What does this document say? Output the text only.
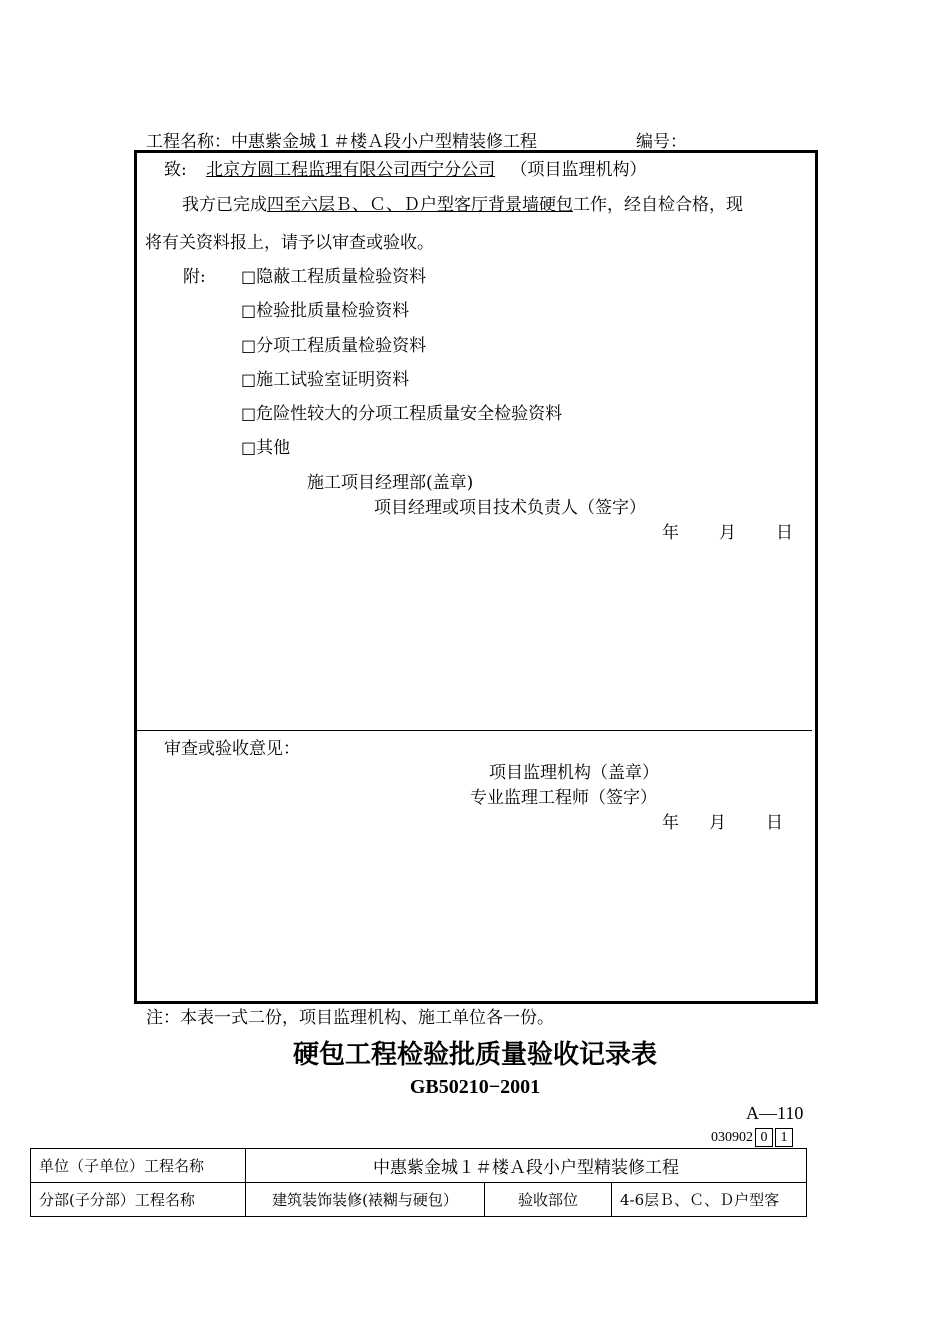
工程名称：中惠紫金城１＃楼Ａ段小户型精装修工程	编号：
致: 北京方圆工程监理有限公司西宁分公司 （项目监理机构）
我方已完成四至六层Ｂ、Ｃ、Ｄ户型客厅背景墙硬包工作，经自检合格，现
将有关资料报上，请予以审查或验收。
附: □隐蔽工程质量检验资料
□检验批质量检验资料
□分项工程质量检验资料
□施工试验室证明资料
□危险性较大的分项工程质量安全检验资料
□其他
施工项目经理部(盖章)
项目经理或项目技术负责人（签字）
年 月 日
审查或验收意见：
项目监理机构（盖章）
专业监理工程师（签字）
年 月 日
注：本表一式二份，项目监理机构、施工单位各一份。
硬包工程检验批质量验收记录表
GB50210−2001
A—110
030902 0 1
单位（子单位）工程名称	中惠紫金城１＃楼Ａ段小户型精装修工程		
分部(子分部）工程名称	建筑装饰装修(裱糊与硬包）	验收部位	4-6层Ｂ、Ｃ、Ｄ户型客
